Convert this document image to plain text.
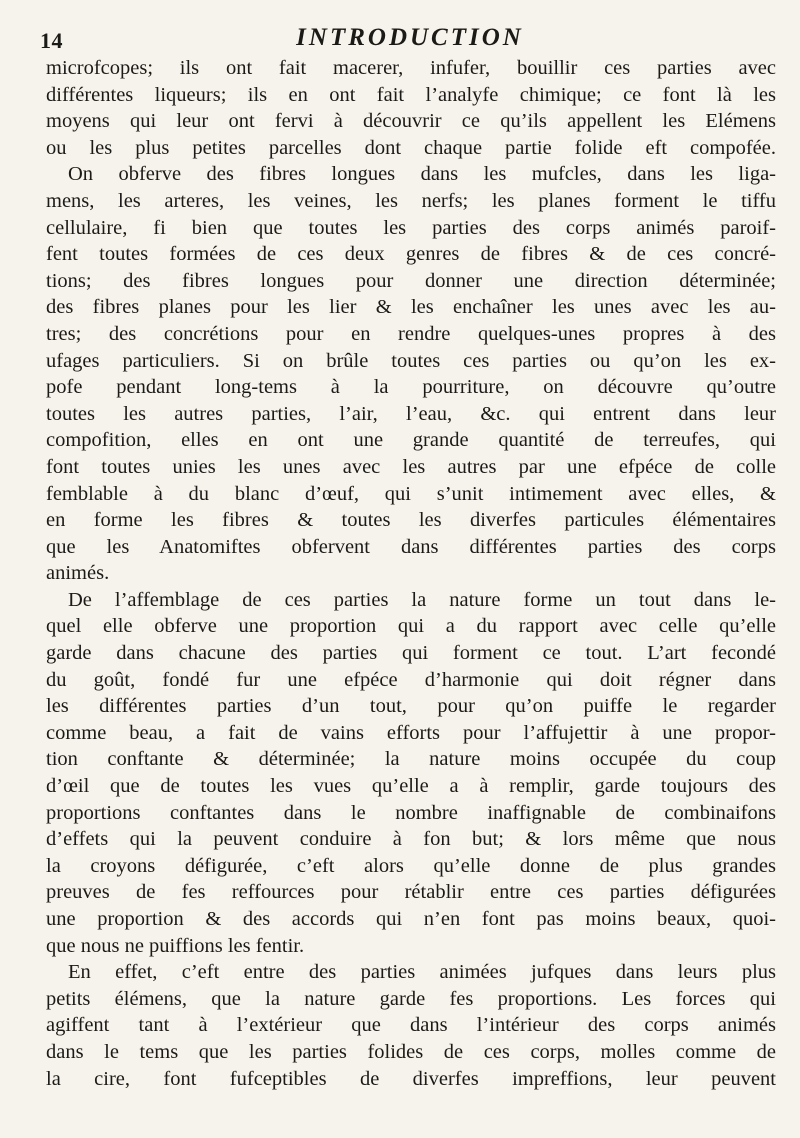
14	INTRODUCTION
microfcopes; ils ont fait macerer, infufer, bouillir ces parties avec
différentes liqueurs; ils en ont fait l’analyfe chimique; ce font là les
moyens qui leur ont fervi à découvrir ce qu’ils appellent les Elémens
ou les plus petites parcelles dont chaque partie folide eft compofée.
On obferve des fibres longues dans les mufcles, dans les liga-
mens, les arteres, les veines, les nerfs; les planes forment le tiffu
cellulaire, fi bien que toutes les parties des corps animés paroif-
fent toutes formées de ces deux genres de fibres & de ces concré-
tions; des fibres longues pour donner une direction déterminée;
des fibres planes pour les lier & les enchaîner les unes avec les au-
tres; des concrétions pour en rendre quelques-unes propres à des
ufages particuliers. Si on brûle toutes ces parties ou qu’on les ex-
pofe pendant long-tems à la pourriture, on découvre qu’outre
toutes les autres parties, l’air, l’eau, &c. qui entrent dans leur
compofition, elles en ont une grande quantité de terreufes, qui
font toutes unies les unes avec les autres par une efpéce de colle
femblable à du blanc d’œuf, qui s’unit intimement avec elles, &
en forme les fibres & toutes les diverfes particules élémentaires
que les Anatomiftes obfervent dans différentes parties des corps
animés.
De l’affemblage de ces parties la nature forme un tout dans le-
quel elle obferve une proportion qui a du rapport avec celle qu’elle
garde dans chacune des parties qui forment ce tout. L’art fecondé
du goût, fondé fur une efpéce d’harmonie qui doit régner dans
les différentes parties d’un tout, pour qu’on puiffe le regarder
comme beau, a fait de vains efforts pour l’affujettir à une propor-
tion conftante & déterminée; la nature moins occupée du coup
d’œil que de toutes les vues qu’elle a à remplir, garde toujours des
proportions conftantes dans le nombre inaffignable de combinaifons
d’effets qui la peuvent conduire à fon but; & lors même que nous
la croyons défigurée, c’eft alors qu’elle donne de plus grandes
preuves de fes reffources pour rétablir entre ces parties défigurées
une proportion & des accords qui n’en font pas moins beaux, quoi-
que nous ne puiffions les fentir.
En effet, c’eft entre des parties animées jufques dans leurs plus
petits élémens, que la nature garde fes proportions. Les forces qui
agiffent tant à l’extérieur que dans l’intérieur des corps animés
dans le tems que les parties folides de ces corps, molles comme de
la cire, font fufceptibles de diverfes impreffions, leur peuvent
